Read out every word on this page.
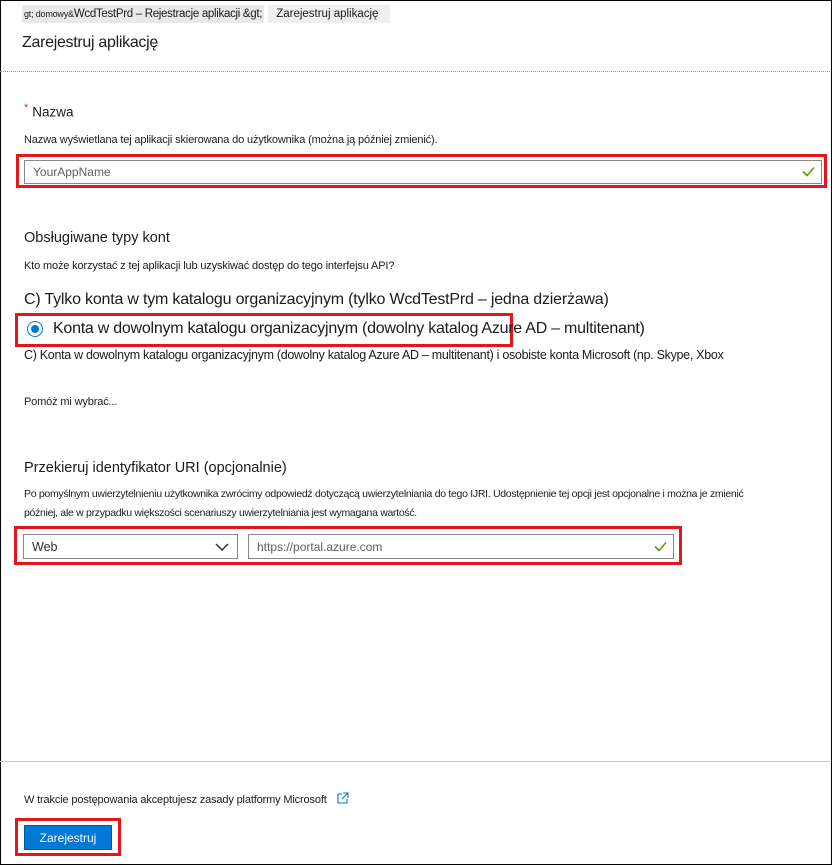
gt; domowy& WcdTestPrd – Rejestracje aplikacji &gt;	Zarejestruj aplikację
Zarejestruj aplikację
* Nazwa
Nazwa wyświetlana tej aplikacji skierowana do użytkownika (można ją później zmienić).
YourAppName
Obsługiwane typy kont
Kto może korzystać z tej aplikacji lub uzyskiwać dostęp do tego interfejsu API?
C) Tylko konta w tym katalogu organizacyjnym (tylko WcdTestPrd – jedna dzierżawa)
Konta w dowolnym katalogu organizacyjnym (dowolny katalog Azure AD – multitenant)
C) Konta w dowolnym katalogu organizacyjnym (dowolny katalog Azure AD – multitenant) i osobiste konta Microsoft (np. Skype, Xbox
Pomóż mi wybrać...
Przekieruj identyfikator URI (opcjonalnie)
Po pomyślnym uwierzytelnieniu użytkownika zwrócimy odpowiedź dotyczącą uwierzytelniania do tego IJRI. Udostępnienie tej opcji jest opcjonalne i można je zmienić
później, ale w przypadku większości scenariuszy uwierzytelniania jest wymagana wartość.
Web	https://portal.azure.com
W trakcie postępowania akceptujesz zasady platformy Microsoft
Zarejestruj
